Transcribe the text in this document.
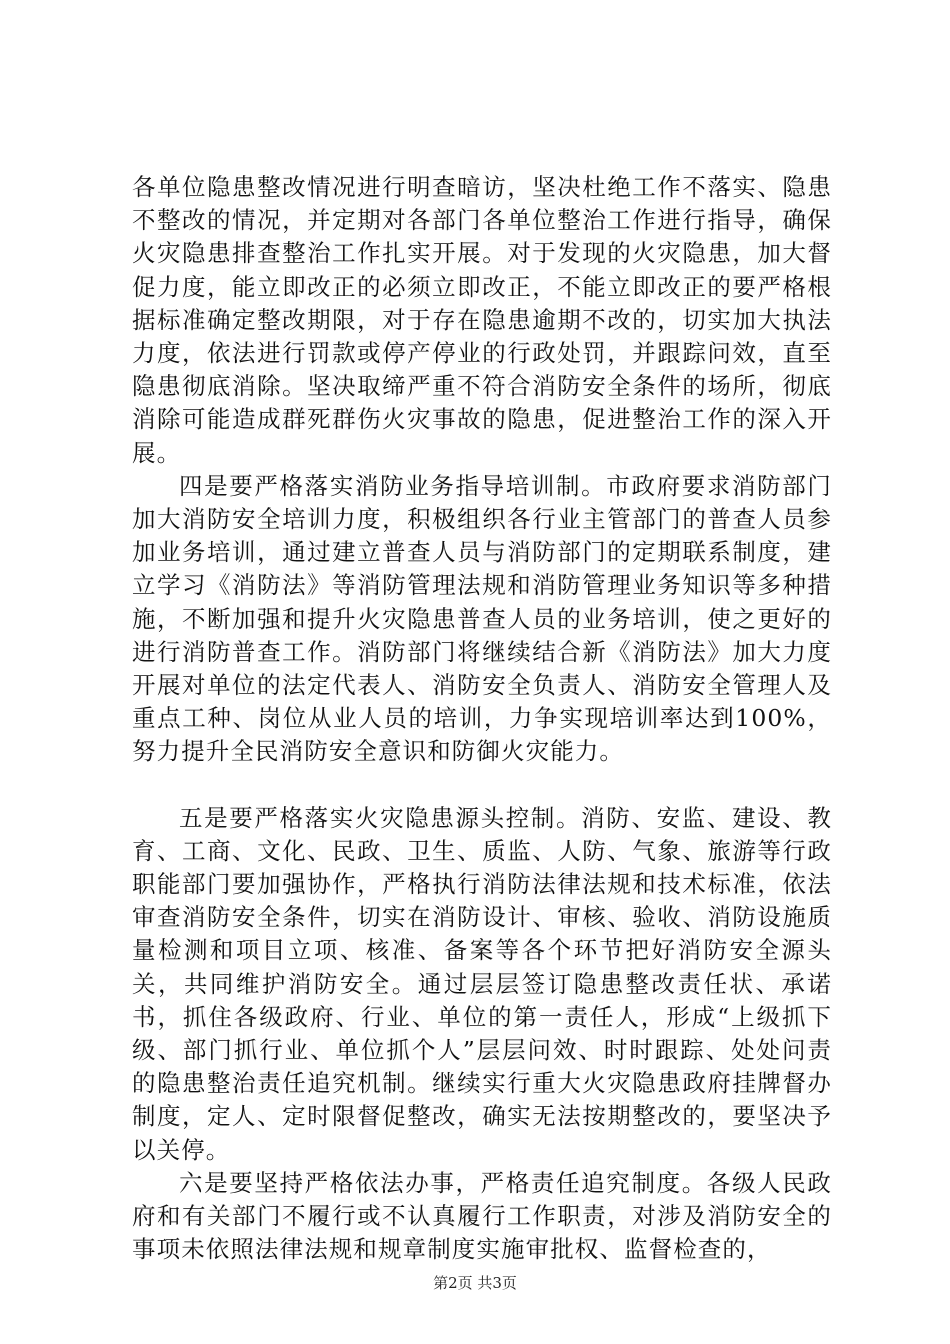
各单位隐患整改情况进行明查暗访，坚决杜绝工作不落实、隐患不整改的情况，并定期对各部门各单位整治工作进行指导，确保火灾隐患排查整治工作扎实开展。对于发现的火灾隐患，加大督促力度，能立即改正的必须立即改正，不能立即改正的要严格根据标准确定整改期限，对于存在隐患逾期不改的，切实加大执法力度，依法进行罚款或停产停业的行政处罚，并跟踪问效，直至隐患彻底消除。坚决取缔严重不符合消防安全条件的场所，彻底消除可能造成群死群伤火灾事故的隐患，促进整治工作的深入开展。

四是要严格落实消防业务指导培训制。市政府要求消防部门加大消防安全培训力度，积极组织各行业主管部门的普查人员参加业务培训，通过建立普查人员与消防部门的定期联系制度，建立学习《消防法》等消防管理法规和消防管理业务知识等多种措施，不断加强和提升火灾隐患普查人员的业务培训，使之更好的进行消防普查工作。消防部门将继续结合新《消防法》加大力度开展对单位的法定代表人、消防安全负责人、消防安全管理人及重点工种、岗位从业人员的培训，力争实现培训率达到100%，努力提升全民消防安全意识和防御火灾能力。

五是要严格落实火灾隐患源头控制。消防、安监、建设、教育、工商、文化、民政、卫生、质监、人防、气象、旅游等行政职能部门要加强协作，严格执行消防法律法规和技术标准，依法审查消防安全条件，切实在消防设计、审核、验收、消防设施质量检测和项目立项、核准、备案等各个环节把好消防安全源头关，共同维护消防安全。通过层层签订隐患整改责任状、承诺书，抓住各级政府、行业、单位的第一责任人，形成“上级抓下级、部门抓行业、单位抓个人”层层问效、时时跟踪、处处问责的隐患整治责任追究机制。继续实行重大火灾隐患政府挂牌督办制度，定人、定时限督促整改，确实无法按期整改的，要坚决予以关停。

六是要坚持严格依法办事，严格责任追究制度。各级人民政府和有关部门不履行或不认真履行工作职责，对涉及消防安全的事项未依照法律法规和规章制度实施审批权、监督检查的，

第2页 共3页
